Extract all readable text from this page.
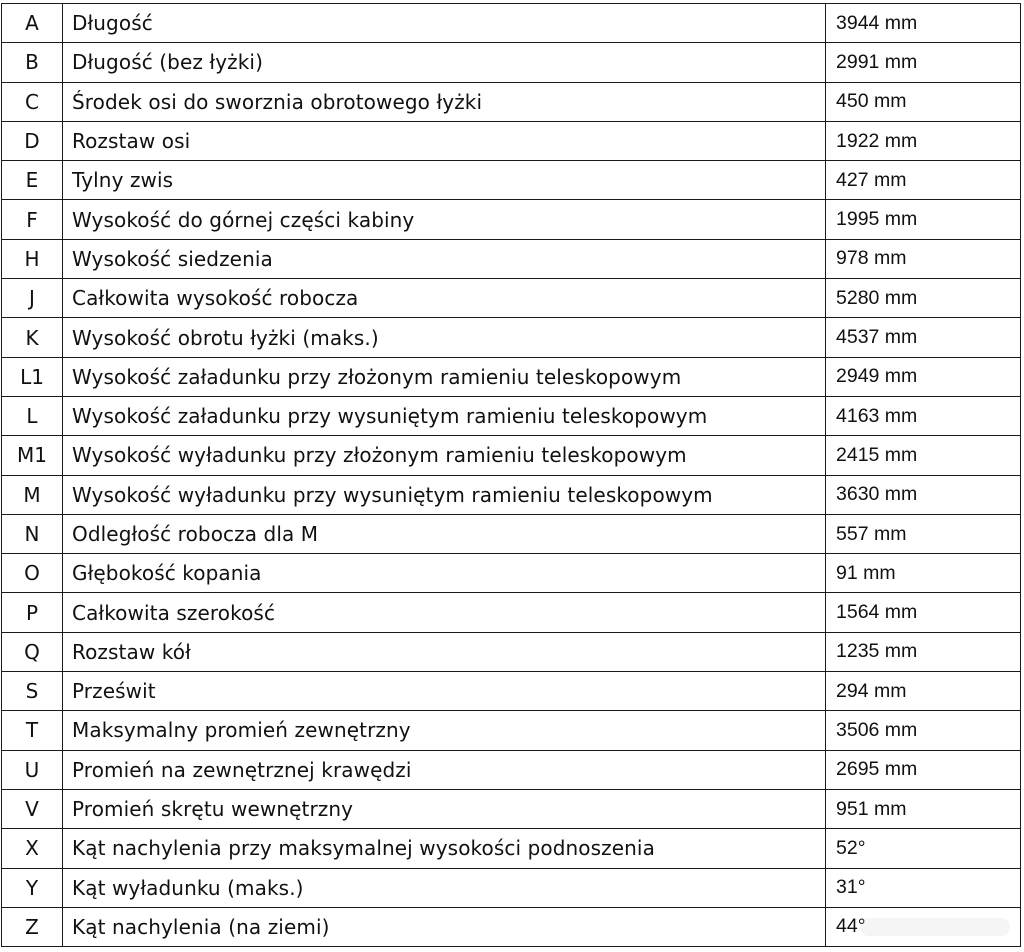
A	Długość	3944 mm
B	Długość (bez łyżki)	2991 mm
C	Środek osi do sworznia obrotowego łyżki	450 mm
D	Rozstaw osi	1922 mm
E	Tylny zwis	427 mm
F	Wysokość do górnej części kabiny	1995 mm
H	Wysokość siedzenia	978 mm
J	Całkowita wysokość robocza	5280 mm
K	Wysokość obrotu łyżki (maks.)	4537 mm
L1	Wysokość załadunku przy złożonym ramieniu teleskopowym	2949 mm
L	Wysokość załadunku przy wysuniętym ramieniu teleskopowym	4163 mm
M1	Wysokość wyładunku przy złożonym ramieniu teleskopowym	2415 mm
M	Wysokość wyładunku przy wysuniętym ramieniu teleskopowym	3630 mm
N	Odległość robocza dla M	557 mm
O	Głębokość kopania	91 mm
P	Całkowita szerokość	1564 mm
Q	Rozstaw kół	1235 mm
S	Prześwit	294 mm
T	Maksymalny promień zewnętrzny	3506 mm
U	Promień na zewnętrznej krawędzi	2695 mm
V	Promień skrętu wewnętrzny	951 mm
X	Kąt nachylenia przy maksymalnej wysokości podnoszenia	52°
Y	Kąt wyładunku (maks.)	31°
Z	Kąt nachylenia (na ziemi)	44°
